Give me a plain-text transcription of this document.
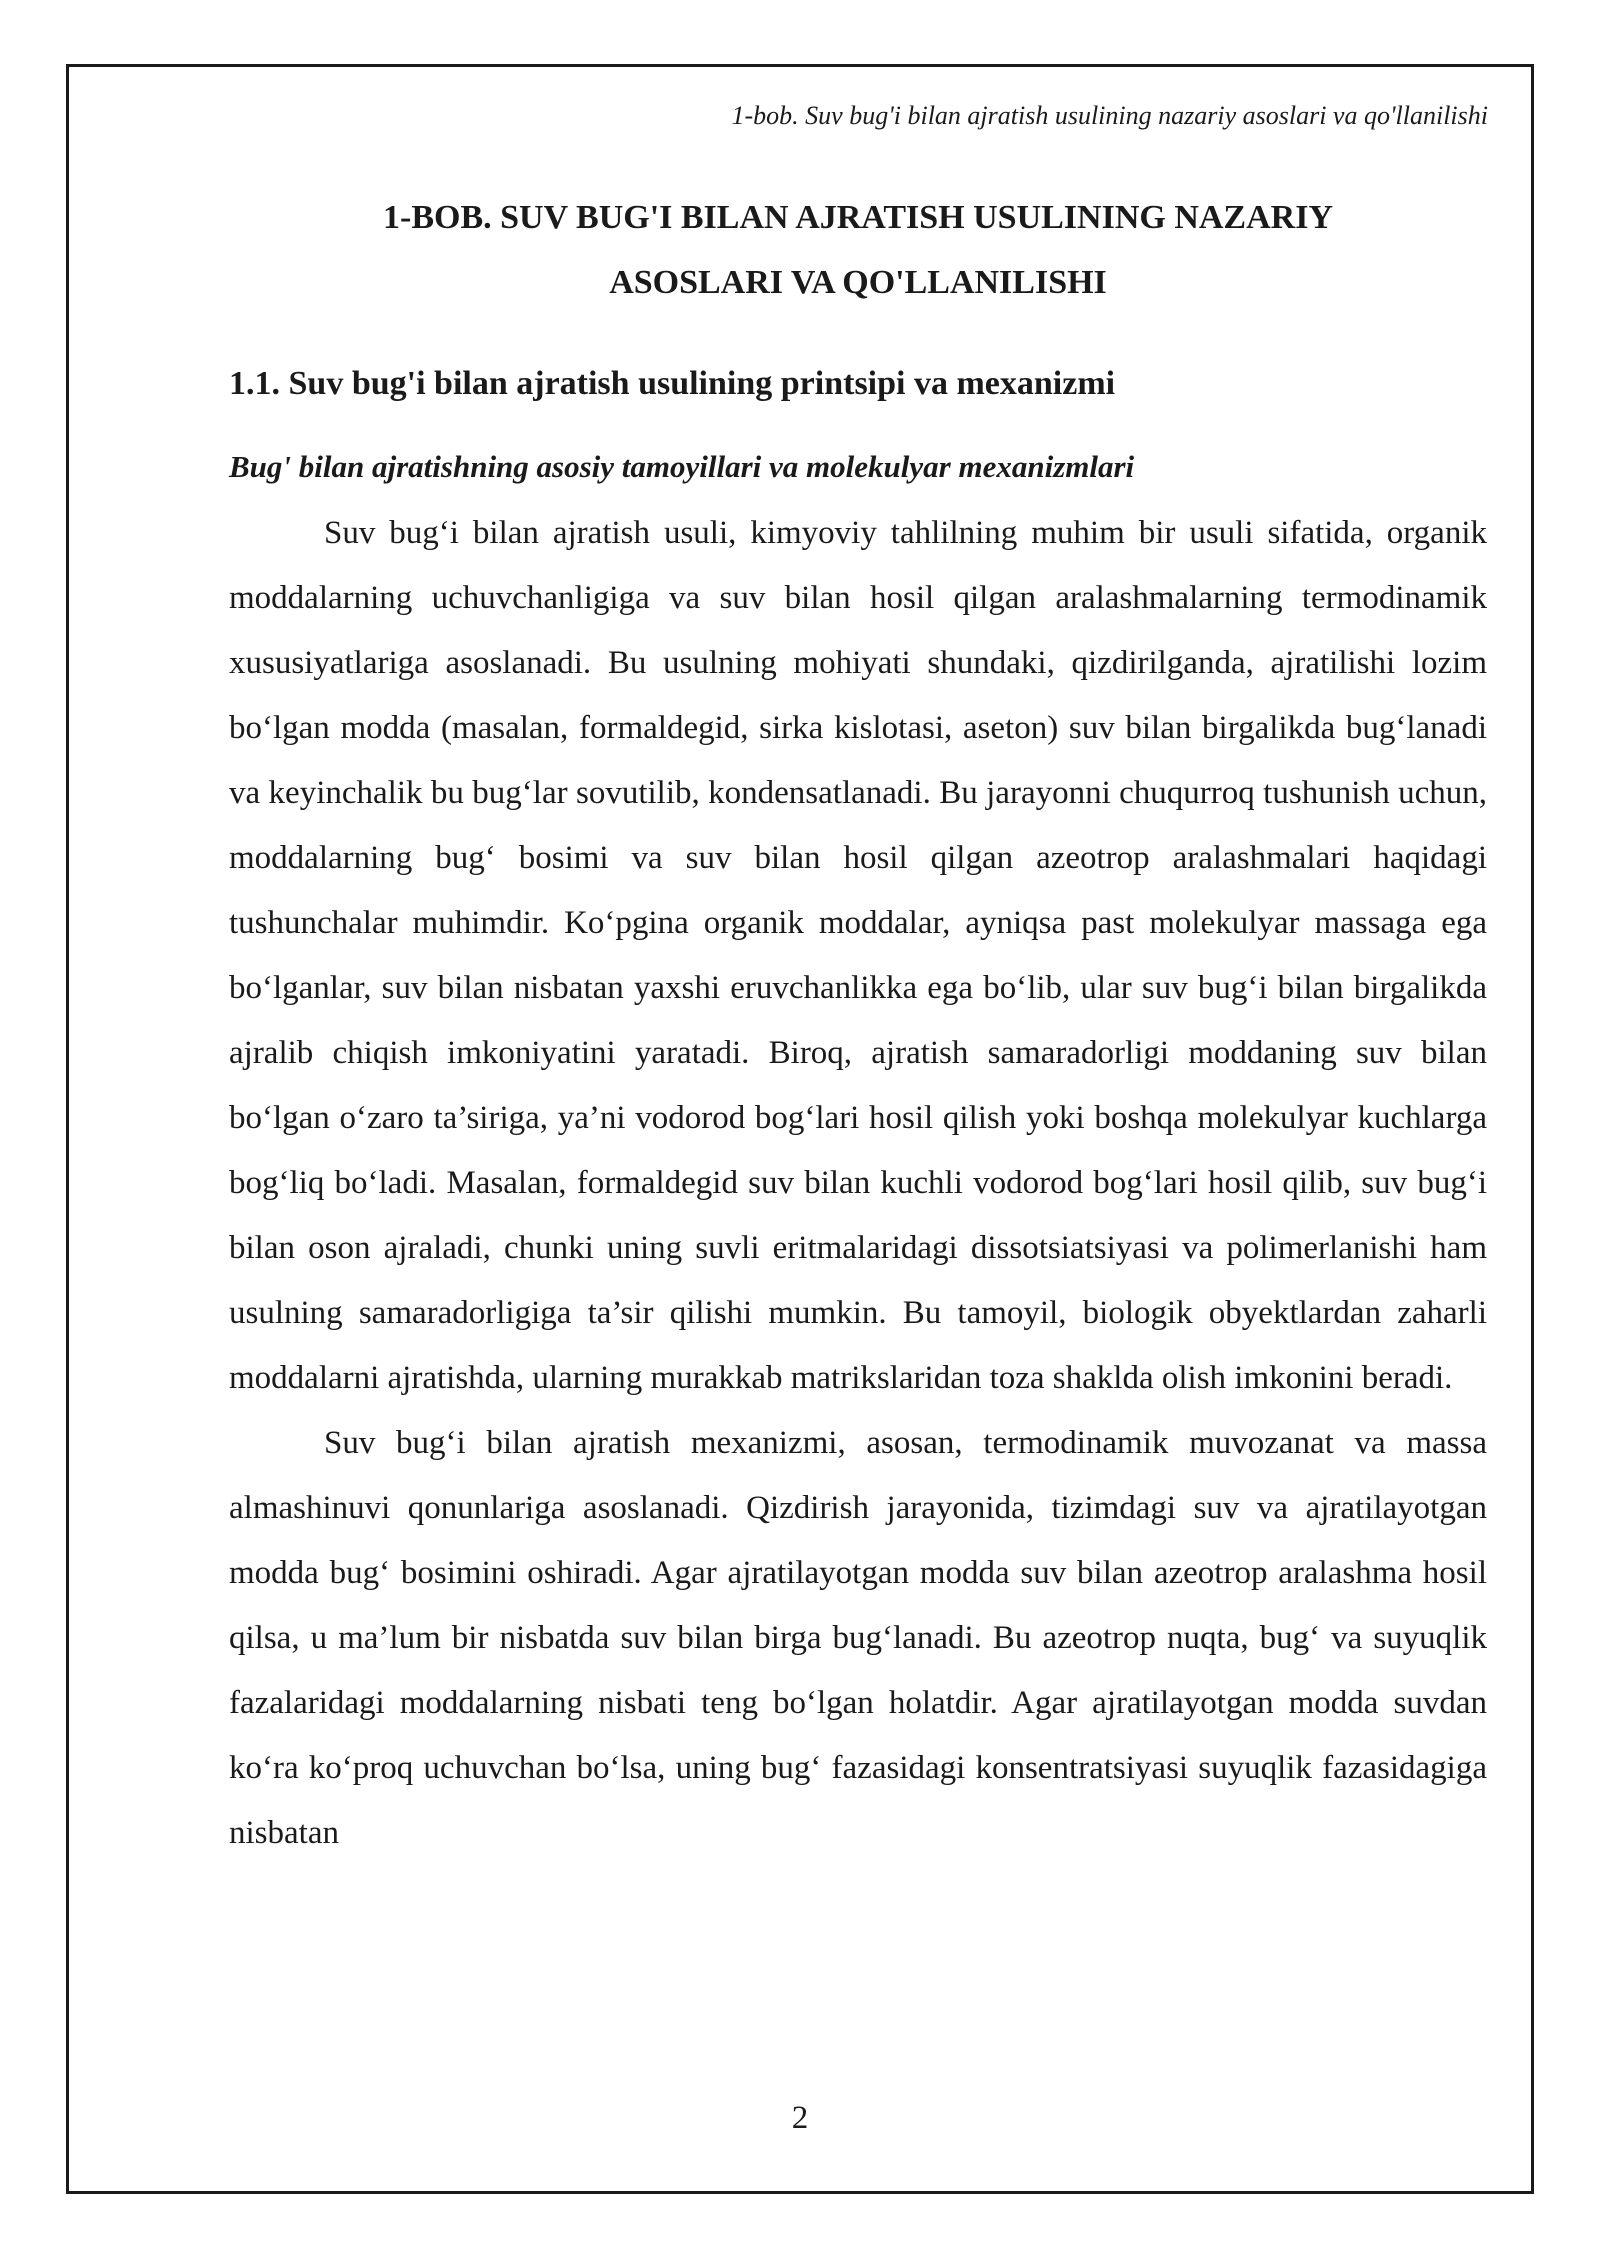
1-bob. Suv bug'i bilan ajratish usulining nazariy asoslari va qo'llanilishi
1-BOB. SUV BUG'I BILAN AJRATISH USULINING NAZARIY
ASOSLARI VA QO'LLANILISHI
1.1. Suv bug'i bilan ajratish usulining printsipi va mexanizmi
Bug' bilan ajratishning asosiy tamoyillari va molekulyar mexanizmlari

Suv bug‘i bilan ajratish usuli, kimyoviy tahlilning muhim bir usuli sifatida, organik moddalarning uchuvchanligiga va suv bilan hosil qilgan aralashmalarning termodinamik xususiyatlariga asoslanadi. Bu usulning mohiyati shundaki, qizdirilganda, ajratilishi lozim bo‘lgan modda (masalan, formaldegid, sirka kislotasi, aseton) suv bilan birgalikda bug‘lanadi va keyinchalik bu bug‘lar sovutilib, kondensatlanadi. Bu jarayonni chuqurroq tushunish uchun, moddalarning bug‘ bosimi va suv bilan hosil qilgan azeotrop aralashmalari haqidagi tushunchalar muhimdir. Ko‘pgina organik moddalar, ayniqsa past molekulyar massaga ega bo‘lganlar, suv bilan nisbatan yaxshi eruvchanlikka ega bo‘lib, ular suv bug‘i bilan birgalikda ajralib chiqish imkoniyatini yaratadi. Biroq, ajratish samaradorligi moddaning suv bilan bo‘lgan o‘zaro ta’siriga, ya’ni vodorod bog‘lari hosil qilish yoki boshqa molekulyar kuchlarga bog‘liq bo‘ladi. Masalan, formaldegid suv bilan kuchli vodorod bog‘lari hosil qilib, suv bug‘i bilan oson ajraladi, chunki uning suvli eritmalaridagi dissotsiatsiyasi va polimerlanishi ham usulning samaradorligiga ta’sir qilishi mumkin. Bu tamoyil, biologik obyektlardan zaharli moddalarni ajratishda, ularning murakkab matrikslaridan toza shaklda olish imkonini beradi.

Suv bug‘i bilan ajratish mexanizmi, asosan, termodinamik muvozanat va massa almashinuvi qonunlariga asoslanadi. Qizdirish jarayonida, tizimdagi suv va ajratilayotgan modda bug‘ bosimini oshiradi. Agar ajratilayotgan modda suv bilan azeotrop aralashma hosil qilsa, u ma’lum bir nisbatda suv bilan birga bug‘lanadi. Bu azeotrop nuqta, bug‘ va suyuqlik fazalaridagi moddalarning nisbati teng bo‘lgan holatdir. Agar ajratilayotgan modda suvdan ko‘ra ko‘proq uchuvchan bo‘lsa, uning bug‘ fazasidagi konsentratsiyasi suyuqlik fazasidagiga nisbatan

2
